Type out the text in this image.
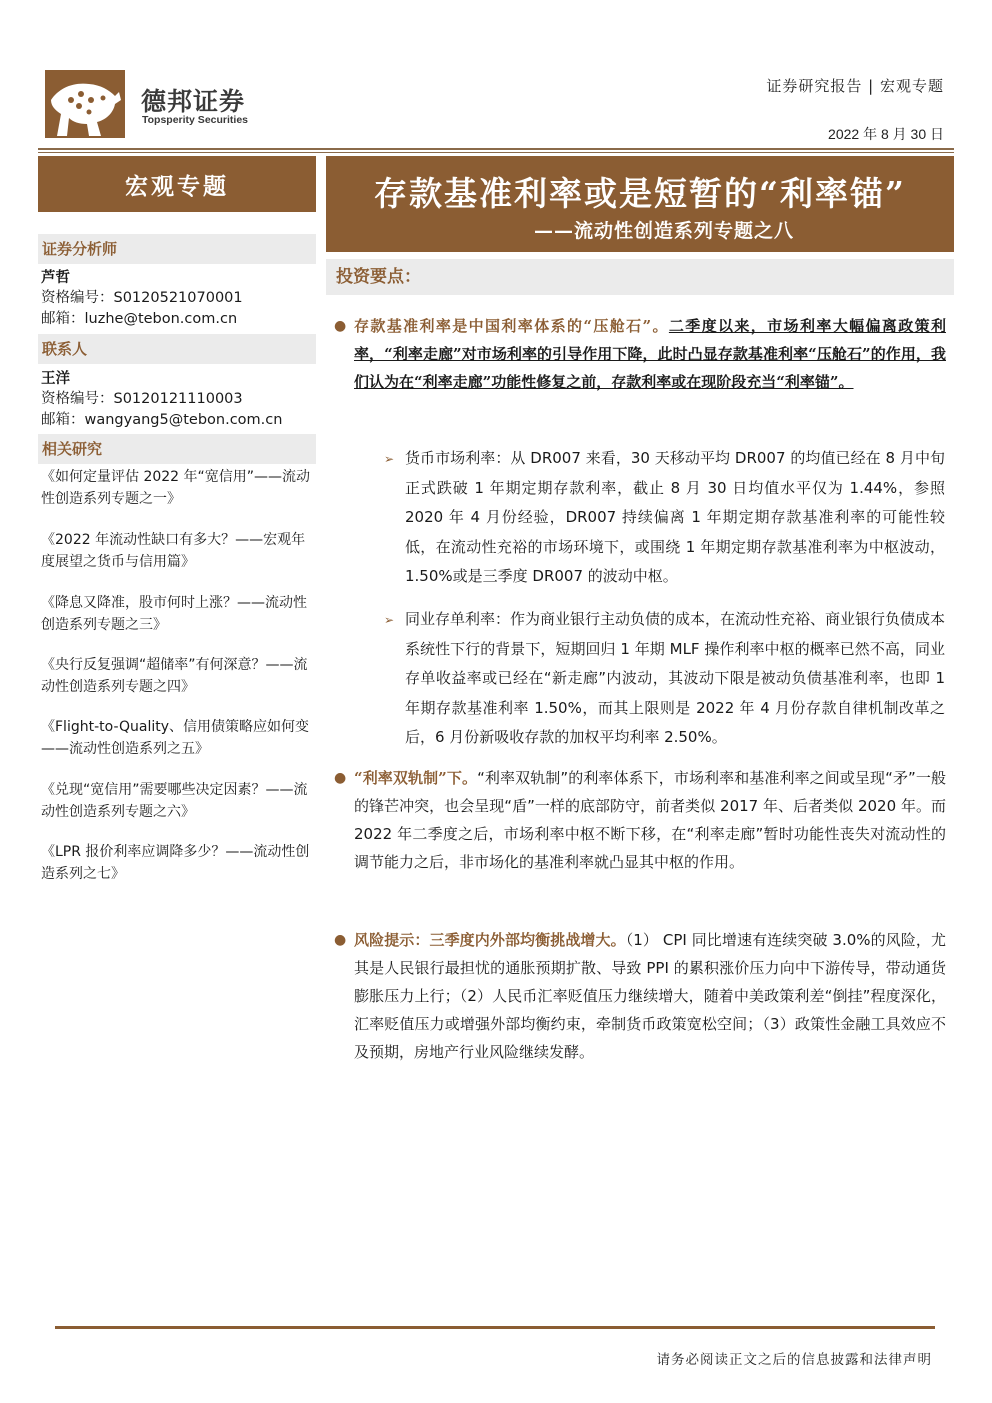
德邦证券
Topsperity Securities
证券研究报告 | 宏观专题
2022 年 8 月 30 日
宏观专题
证券分析师
芦哲
资格编号：S0120521070001
邮箱：luzhe@tebon.com.cn
联系人
王洋
资格编号：S0120121110003
邮箱：wangyang5@tebon.com.cn
相关研究
《如何定量评估 2022 年“宽信用”——流动性创造系列专题之一》
《2022 年流动性缺口有多大？——宏观年度展望之货币与信用篇》
《降息又降准，股市何时上涨？——流动性创造系列专题之三》
《央行反复强调“超储率”有何深意？——流动性创造系列专题之四》
《Flight-to-Quality、信用债策略应如何变——流动性创造系列之五》
《兑现“宽信用”需要哪些决定因素？——流动性创造系列专题之六》
《LPR 报价利率应调降多少？——流动性创造系列之七》
存款基准利率或是短暂的“利率锚”
——流动性创造系列专题之八
投资要点：
● 存款基准利率是中国利率体系的“压舱石”。二季度以来，市场利率大幅偏离政策利率，“利率走廊”对市场利率的引导作用下降，此时凸显存款基准利率“压舱石”的作用，我们认为在“利率走廊”功能性修复之前，存款利率或在现阶段充当“利率锚”。
➢ 货币市场利率：从 DR007 来看，30 天移动平均 DR007 的均值已经在 8 月中旬正式跌破 1 年期定期存款利率，截止 8 月 30 日均值水平仅为 1.44%，参照 2020 年 4 月份经验，DR007 持续偏离 1 年期定期存款基准利率的可能性较低，在流动性充裕的市场环境下，或围绕 1 年期定期存款基准利率为中枢波动，1.50%或是三季度 DR007 的波动中枢。
➢ 同业存单利率：作为商业银行主动负债的成本，在流动性充裕、商业银行负债成本系统性下行的背景下，短期回归 1 年期 MLF 操作利率中枢的概率已然不高，同业存单收益率或已经在“新走廊”内波动，其波动下限是被动负债基准利率，也即 1 年期存款基准利率 1.50%，而其上限则是 2022 年 4 月份存款自律机制改革之后，6 月份新吸收存款的加权平均利率 2.50%。
● “利率双轨制”下。“利率双轨制”的利率体系下，市场利率和基准利率之间或呈现“矛”一般的锋芒冲突，也会呈现“盾”一样的底部防守，前者类似 2017 年、后者类似 2020 年。而 2022 年二季度之后，市场利率中枢不断下移，在“利率走廊”暂时功能性丧失对流动性的调节能力之后，非市场化的基准利率就凸显其中枢的作用。
● 风险提示：三季度内外部均衡挑战增大。（1） CPI 同比增速有连续突破 3.0%的风险，尤其是人民银行最担忧的通胀预期扩散、导致 PPI 的累积涨价压力向中下游传导，带动通货膨胀压力上行；（2）人民币汇率贬值压力继续增大，随着中美政策利差“倒挂”程度深化，汇率贬值压力或增强外部均衡约束，牵制货币政策宽松空间；（3）政策性金融工具效应不及预期，房地产行业风险继续发酵。
请务必阅读正文之后的信息披露和法律声明
